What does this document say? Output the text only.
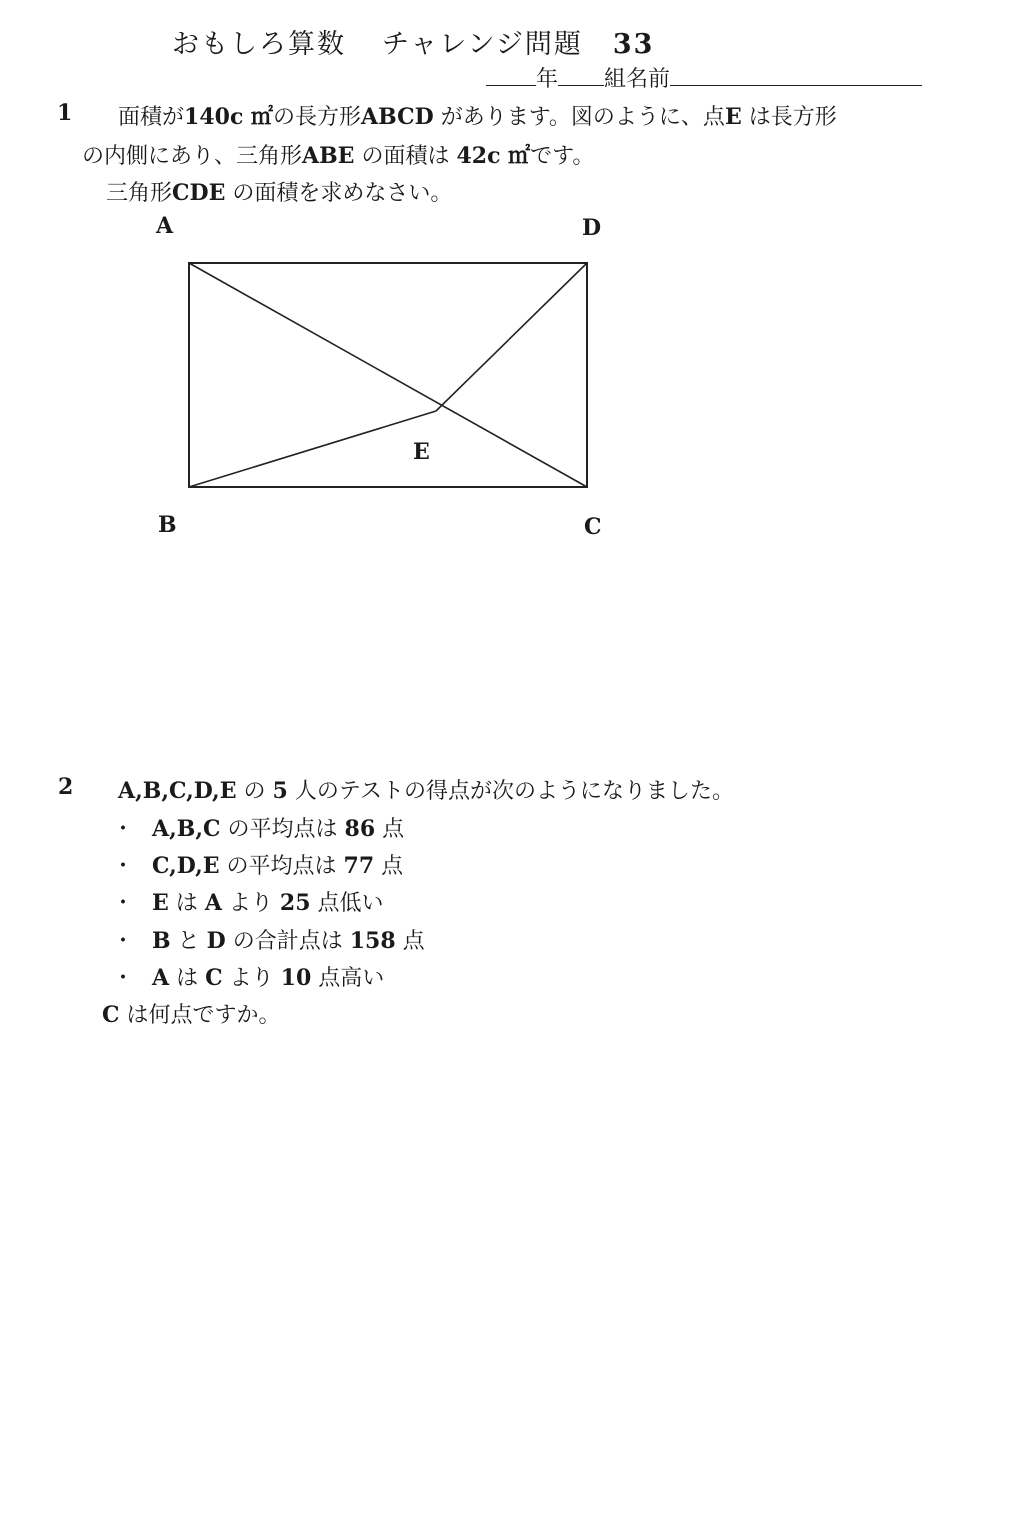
おもしろ算数 チャレンジ問題 33
年 組名前
1 面積が140c ㎡の長方形ABCD があります。図のように、点E は長方形
の内側にあり、三角形ABE の面積は 42c ㎡です。
三角形CDE の面積を求めなさい。
A	D
B	C
E
2 A,B,C,D,E の 5 人のテストの得点が次のようになりました。
・ A,B,C の平均点は 86 点
・ C,D,E の平均点は 77 点
・ E は A より 25 点低い
・ B と D の合計点は 158 点
・ A は C より 10 点高い
C は何点ですか。
